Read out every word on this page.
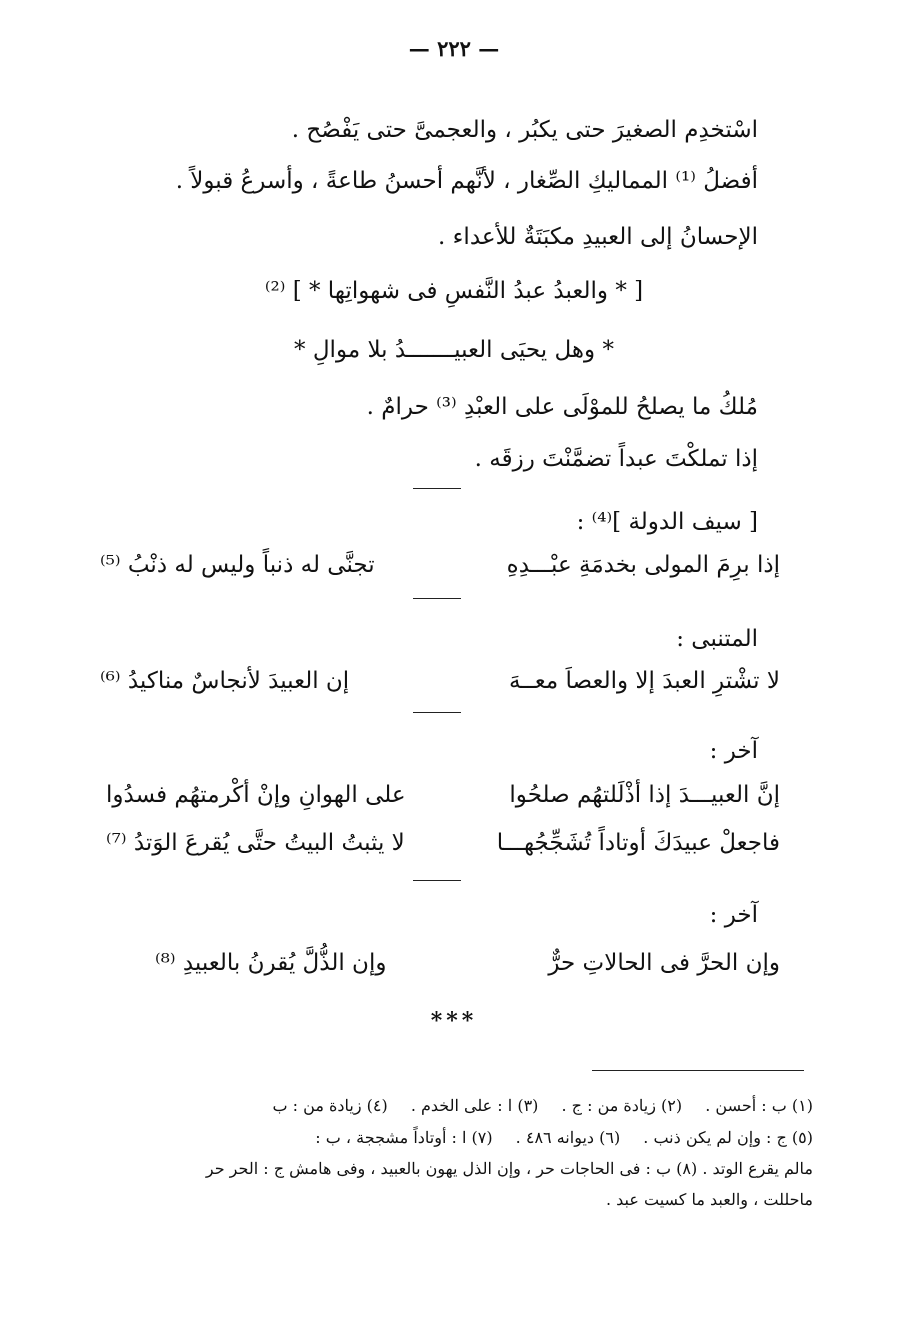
— ٢٢٢ —
اسْتخدِم الصغيرَ حتى يكبُر ، والعجمىَّ حتى يَفْصُح .
أفضلُ ⁽¹⁾ المماليكِ الصِّغار ، لأنَّهم أحسنُ طاعةً ، وأسرعُ قبولاً .
الإحسانُ إلى العبيدِ مكبَتَةٌ للأعداء .
[ * والعبدُ عبدُ النَّفسِ فى شهواتِها * ] ⁽²⁾
* وهل يحيَى العبيـــــــدُ بلا موالِ *
مُلكُ ما يصلحُ للموْلَى على العبْدِ ⁽³⁾ حرامٌ .
إذا تملكْتَ عبداً تضمَّنْتَ رزقَه .
[ سيف الدولة ]⁽⁴⁾ :
إذا برِمَ المولى بخدمَةِ عبْـــدِهِ
تجنَّى له ذنباً وليس له ذنْبُ ⁽⁵⁾
المتنبى :
لا تشْترِ العبدَ إلا والعصاَ معــهَ
إن العبيدَ لأنجاسٌ مناكيدُ ⁽⁶⁾
آخر :
إنَّ العبيـــدَ إذا أذْلَلتهُم صلحُوا
على الهوانِ وإنْ أكْرمتهُم فسدُوا
فاجعلْ عبيدَكَ أوتاداً تُشَجِّجُهـــا
لا يثبتُ البيتُ حتَّى يُقرعَ الوَتدُ ⁽⁷⁾
آخر :
وإن الحرَّ فى الحالاتِ حرٌّ
وإن الذُّلَّ يُقرنُ بالعبيدِ ⁽⁸⁾
***
(١) ب : أحسن . (٢) زيادة من : ج . (٣) ا : على الخدم . (٤) زيادة من : ب
(٥) ج : وإن لم يكن ذنب . (٦) ديوانه ٤٨٦ . (٧) ا : أوتاداً مشججة ، ب :
مالم يقرع الوتد . (٨) ب : فى الحاجات حر ، وإن الذل يهون بالعبيد ، وفى هامش ج : الحر حر
ماحللت ، والعبد ما كسيت عبد .
